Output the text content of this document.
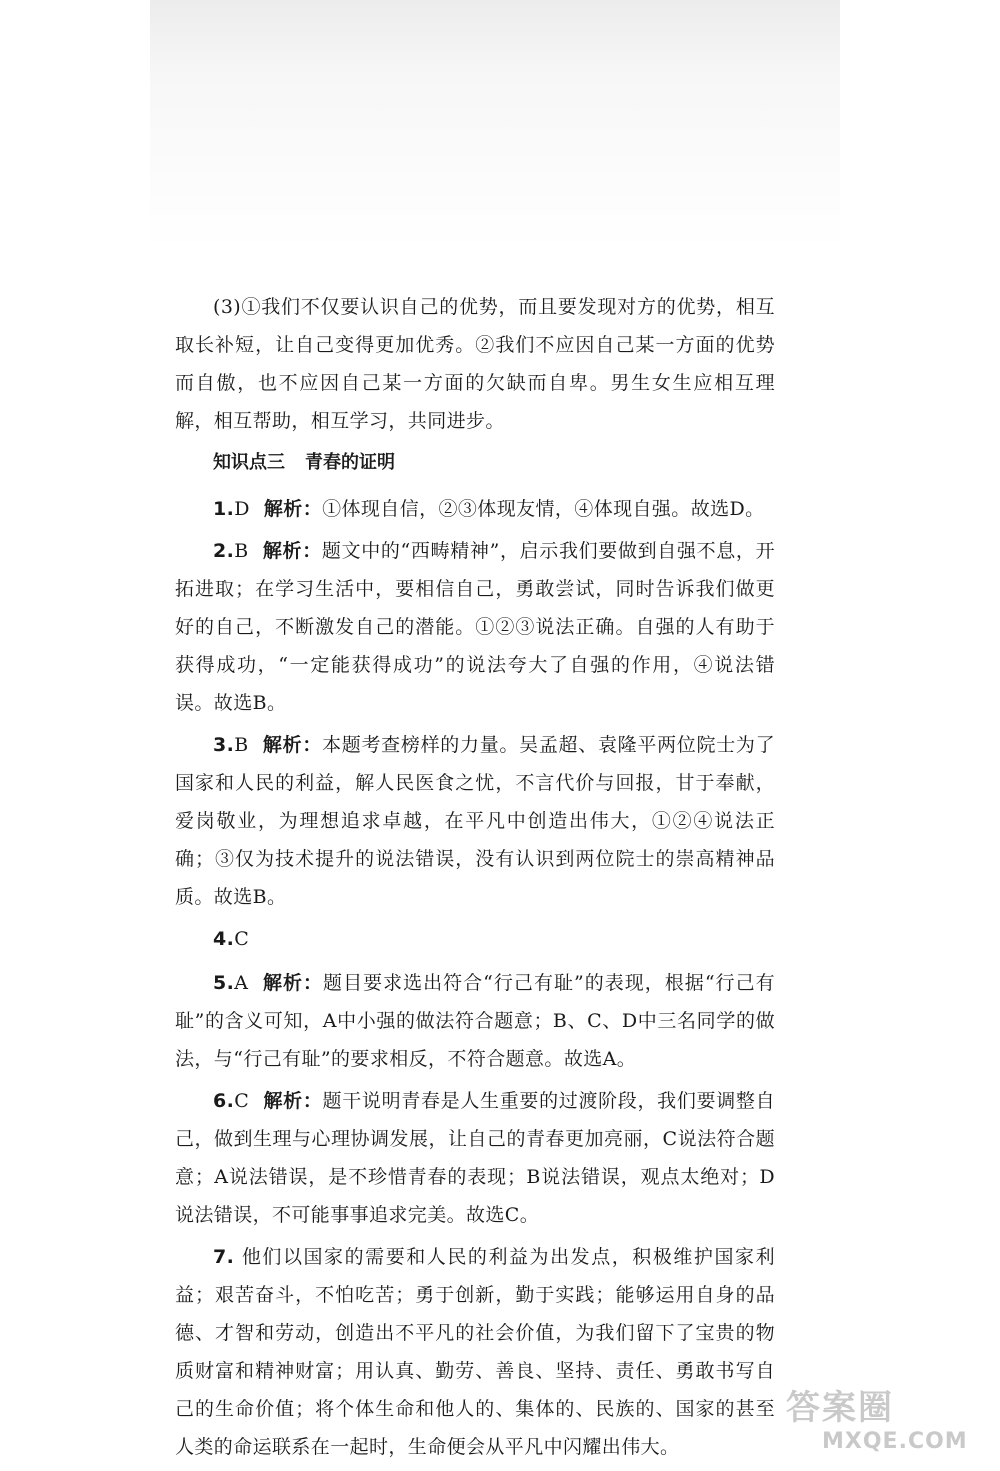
(3)①我们不仅要认识自己的优势，而且要发现对方的优势，相互取长补短，让自己变得更加优秀。②我们不应因自己某一方面的优势而自傲，也不应因自己某一方面的欠缺而自卑。男生女生应相互理解，相互帮助，相互学习，共同进步。

知识点三 青春的证明

1.D 解析：①体现自信，②③体现友情，④体现自强。故选D。

2.B 解析：题文中的“西畴精神”，启示我们要做到自强不息，开拓进取；在学习生活中，要相信自己，勇敢尝试，同时告诉我们做更好的自己，不断激发自己的潜能。①②③说法正确。自强的人有助于获得成功，“一定能获得成功”的说法夸大了自强的作用，④说法错误。故选B。

3.B 解析：本题考查榜样的力量。吴孟超、袁隆平两位院士为了国家和人民的利益，解人民医食之忧，不言代价与回报，甘于奉献，爱岗敬业，为理想追求卓越，在平凡中创造出伟大，①②④说法正确；③仅为技术提升的说法错误，没有认识到两位院士的崇高精神品质。故选B。

4.C

5.A 解析：题目要求选出符合“行己有耻”的表现，根据“行己有耻”的含义可知，A中小强的做法符合题意；B、C、D中三名同学的做法，与“行己有耻”的要求相反，不符合题意。故选A。

6.C 解析：题干说明青春是人生重要的过渡阶段，我们要调整自己，做到生理与心理协调发展，让自己的青春更加亮丽，C说法符合题意；A说法错误，是不珍惜青春的表现；B说法错误，观点太绝对；D说法错误，不可能事事追求完美。故选C。

7. 他们以国家的需要和人民的利益为出发点，积极维护国家利益；艰苦奋斗，不怕吃苦；勇于创新，勤于实践；能够运用自身的品德、才智和劳动，创造出不平凡的社会价值，为我们留下了宝贵的物质财富和精神财富；用认真、勤劳、善良、坚持、责任、勇敢书写自己的生命价值；将个体生命和他人的、集体的、民族的、国家的甚至人类的命运联系在一起时，生命便会从平凡中闪耀出伟大。

答案圈
MXQE.COM
